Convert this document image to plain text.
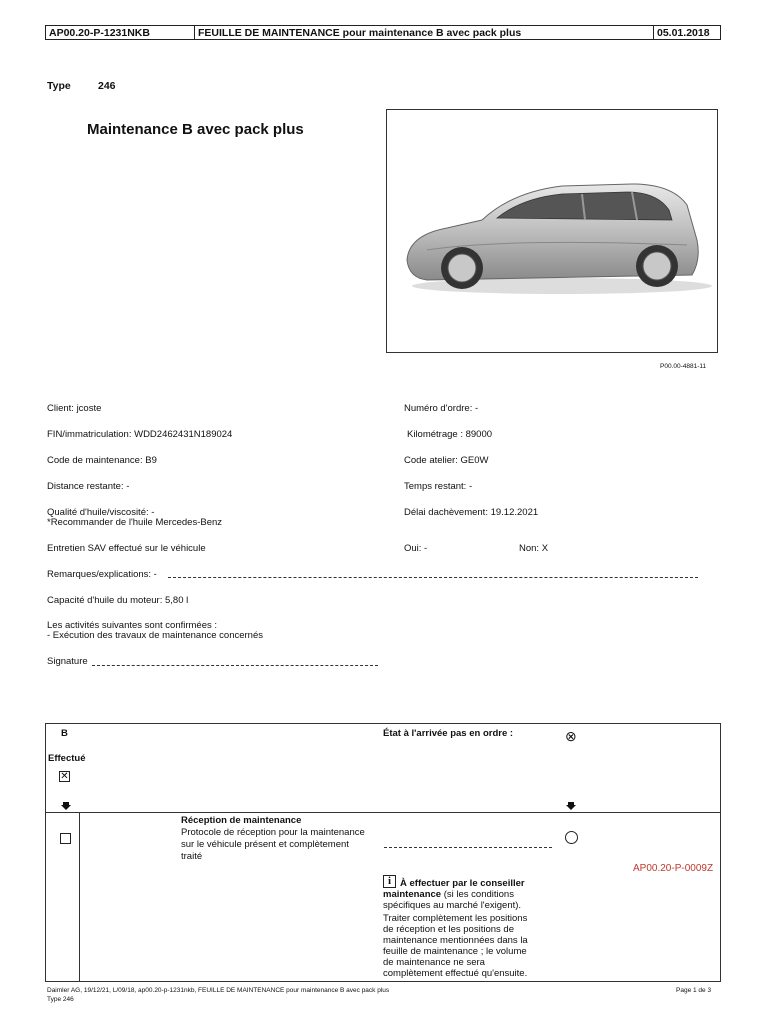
AP00.20-P-1231NKB	FEUILLE DE MAINTENANCE pour maintenance B avec pack plus	05.01.2018
Type	246
Maintenance B avec pack plus
P00.00-4881-11
Client: jcoste	Numéro d'ordre: -
FIN/immatriculation: WDD2462431N189024	Kilométrage : 89000
Code de maintenance: B9	Code atelier: GE0W
Distance restante: -	Temps restant: -
Qualité d'huile/viscosité: -
*Recommander de l'huile Mercedes-Benz
Délai dachèvement: 19.12.2021
Entretien SAV effectué sur le véhicule	Oui: -	Non: X
Remarques/explications: -
Capacité d'huile du moteur: 5,80 l
Les activités suivantes sont confirmées :
- Exécution des travaux de maintenance concernés
Signature
B	État à l'arrivée pas en ordre :	⊗
Effectué
✕
Réception de maintenance
Protocole de réception pour la maintenance
sur le véhicule présent et complètement
traité
AP00.20-P-0009Z
i À effectuer par le conseiller
maintenance (si les conditions
spécifiques au marché l'exigent).
Traiter complètement les positions
de réception et les positions de
maintenance mentionnées dans la
feuille de maintenance ; le volume
de maintenance ne sera
complètement effectué qu'ensuite.
Daimler AG, 19/12/21, L/09/18, ap00.20-p-1231nkb, FEUILLE DE MAINTENANCE pour maintenance B avec pack plus
Type 246
Page 1 de 3
